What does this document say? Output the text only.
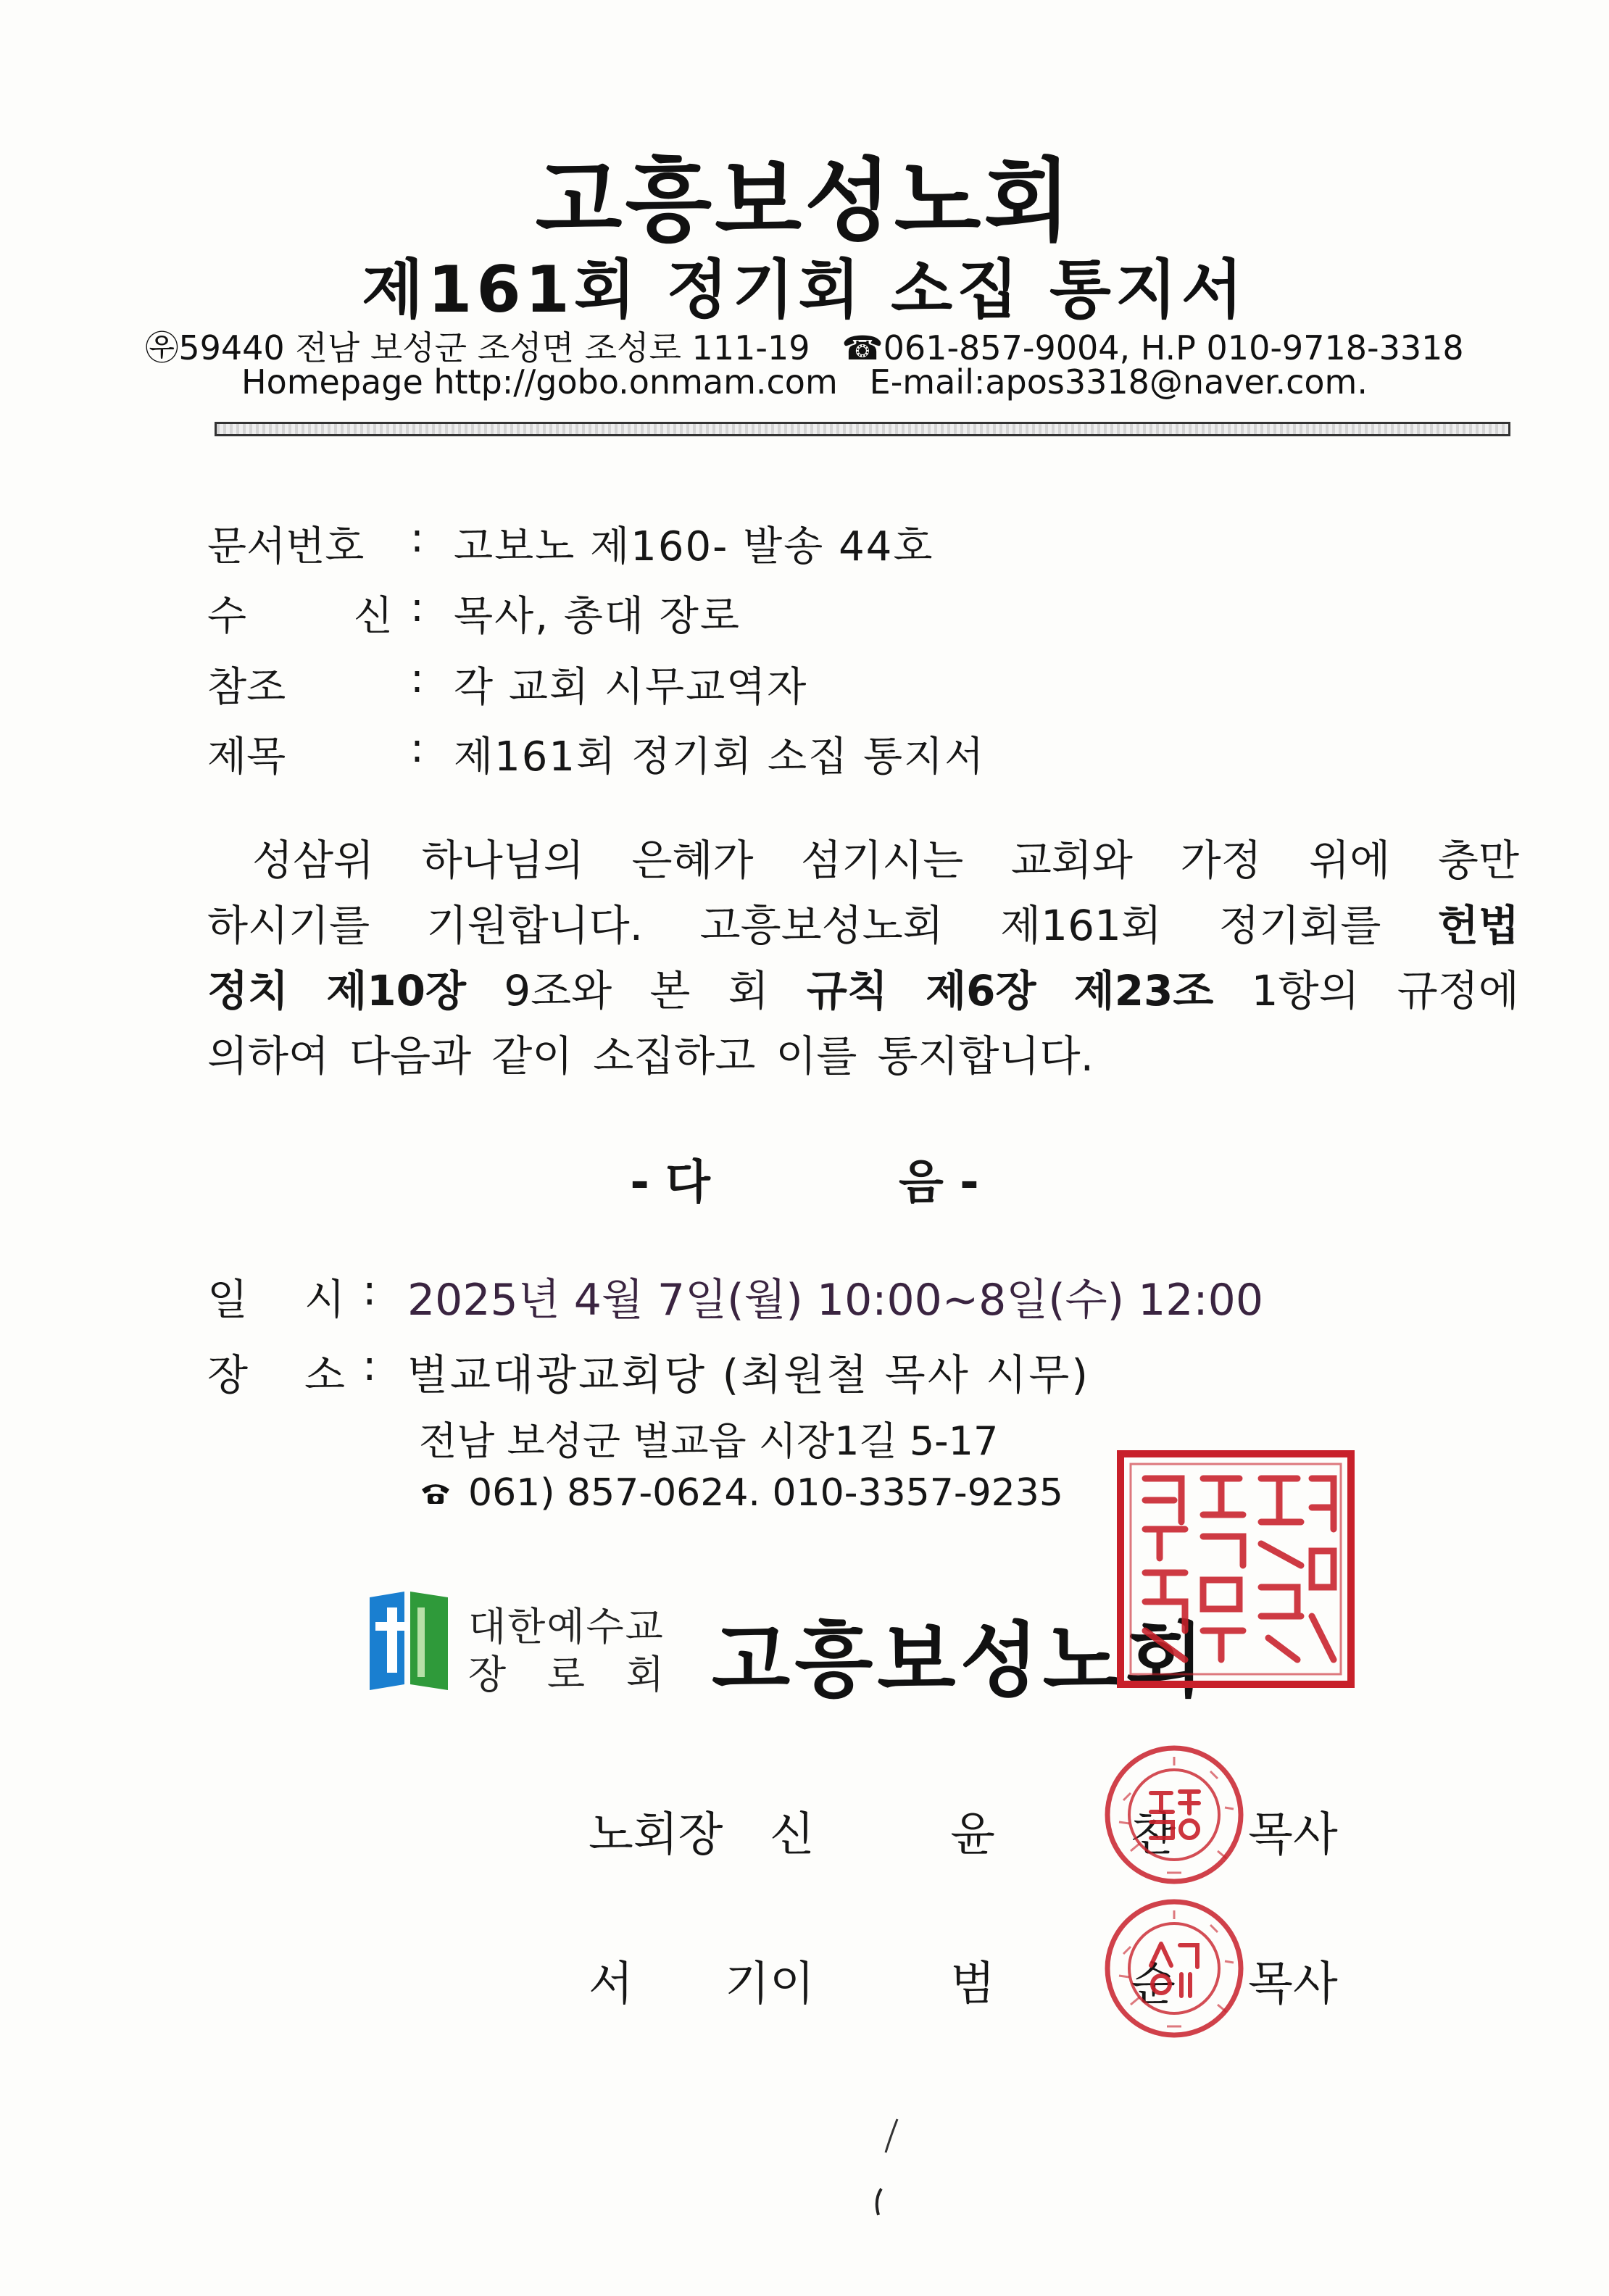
고흥보성노회
제161회 정기회 소집 통지서
㉾59440 전남 보성군 조성면 조성로 111-19 ☎061-857-9004, H.P 010-9718-3318
Homepage http://gobo.onmam.com E-mail:apos3318@naver.com.
문서번호 : 고보노 제160- 발송 44호
수	신 : 목사, 총대 장로
참 조	: 각 교회 시무교역자
제 목	: 제161회 정기회 소집 통지서
성삼위 하나님의 은혜가 섬기시는 교회와 가정 위에 충만
하시기를 기원합니다. 고흥보성노회 제161회 정기회를 헌법
정치 제10장 9조와 본 회 규칙 제6장 제23조 1항의 규정에
의하여 다음과 같이 소집하고 이를 통지합니다.
- 다	음 -
일 시 : 2025년 4월 7일(월) 10:00~8일(수) 12:00
장 소 : 벌교대광교회당 (최원철 목사 시무)
전남 보성군 벌교읍 시장1길 5-17
061) 857-0624. 010-3357-9235
대한예수교
장 로 회 고흥보성노회
노회장 신	윤	찬 목사
서 기 이	범	순 목사
